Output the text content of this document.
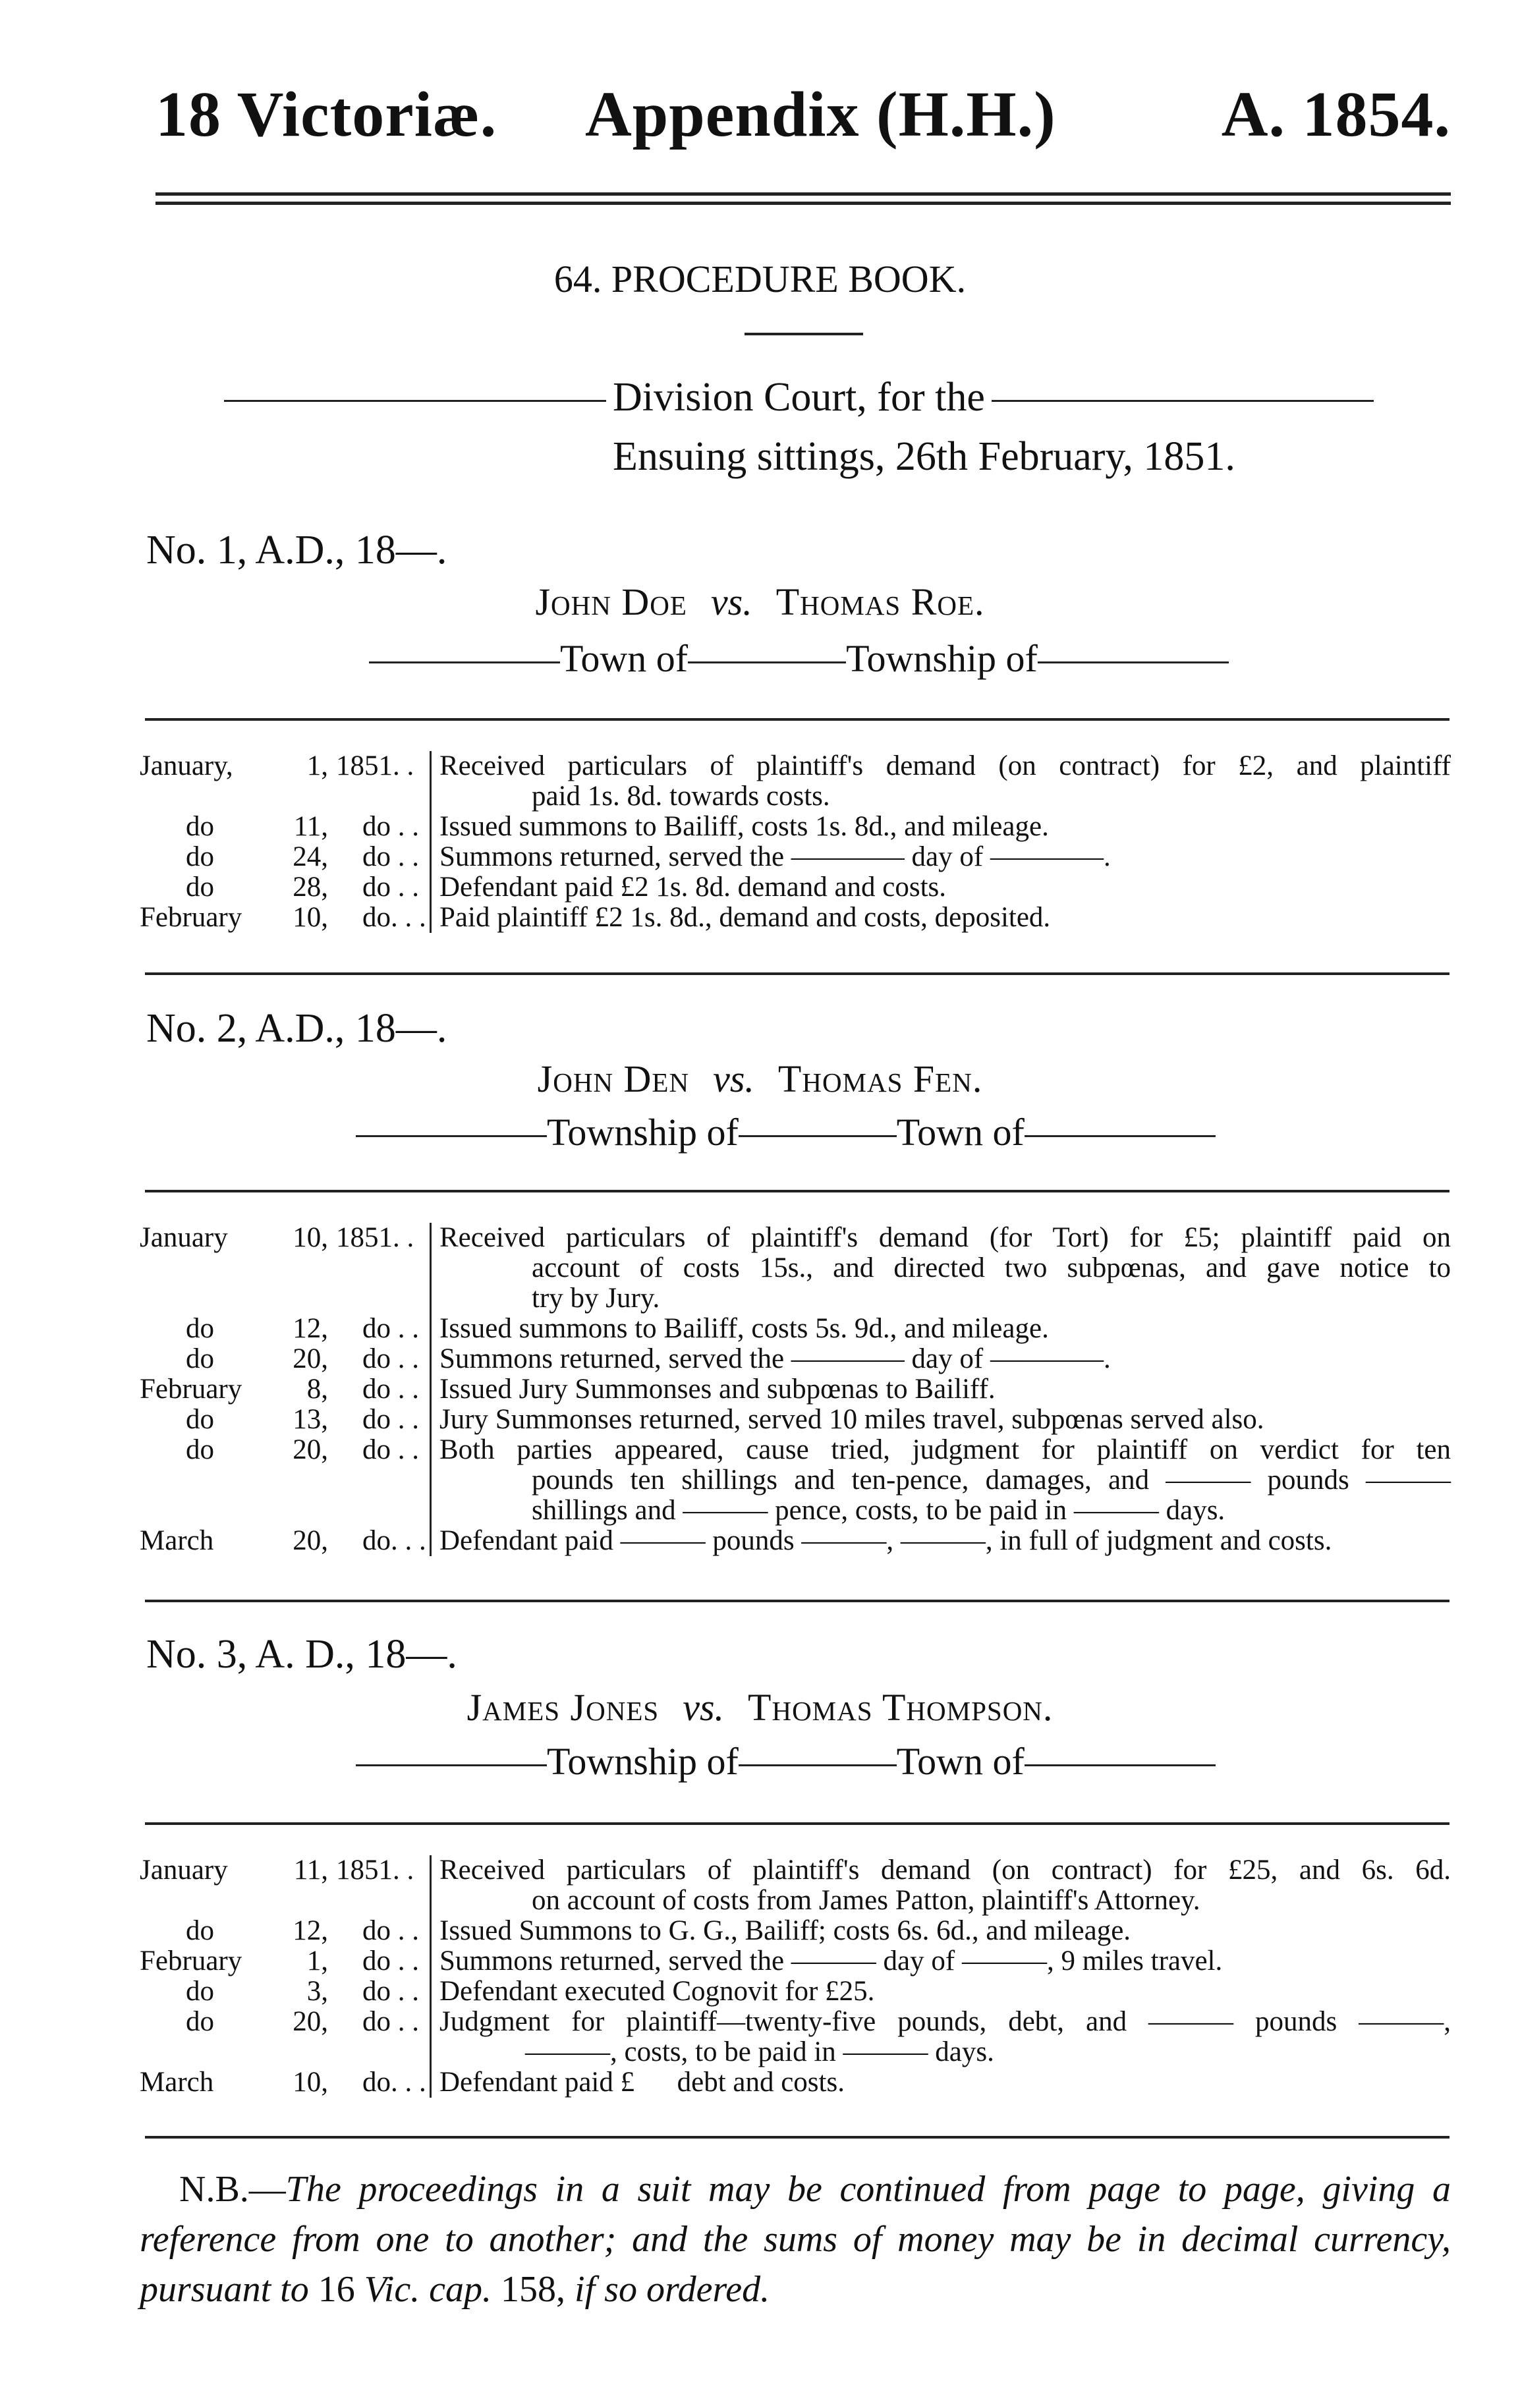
18 Victoriæ. Appendix (H.H.)	A. 1854.
64. PROCEDURE BOOK.
Division Court, for the
Ensuing sittings, 26th February, 1851.
No. 1, A.D., 18—.
John Doe vs. Thomas Roe.
Town of	Township of
January,	1,	1851. .	Received particulars of plaintiff's demand (on contract) for £2, and plaintiff
paid 1s. 8d. towards costs.

do	11,	do . .	Issued summons to Bailiff, costs 1s. 8d., and mileage.
do	24,	do . .	Summons returned, served the ———— day of ————.
do	28,	do . .	Defendant paid £2 1s. 8d. demand and costs.
February	10,	do. . .	Paid plaintiff £2 1s. 8d., demand and costs, deposited.
No. 2, A.D., 18—.
John Den vs. Thomas Fen.
Township of	Town of
January	10,	1851. .	Received particulars of plaintiff's demand (for Tort) for £5; plaintiff paid on
account of costs 15s., and directed two subpœnas, and gave notice to
try by Jury.

do	12,	do . .	Issued summons to Bailiff, costs 5s. 9d., and mileage.
do	20,	do . .	Summons returned, served the ———— day of ————.
February	8,	do . .	Issued Jury Summonses and subpœnas to Bailiff.
do	13,	do . .	Jury Summonses returned, served 10 miles travel, subpœnas served also.
do	20,	do . .	Both parties appeared, cause tried, judgment for plaintiff on verdict for ten
pounds ten shillings and ten-pence, damages, and ——— pounds ———
shillings and ——— pence, costs, to be paid in ——— days.

March	20,	do. . .	Defendant paid ——— pounds ———, ———, in full of judgment and costs.
No. 3, A. D., 18—.
James Jones vs. Thomas Thompson.
Township of	Town of
January	11,	1851. .	Received particulars of plaintiff's demand (on contract) for £25, and 6s. 6d.
on account of costs from James Patton, plaintiff's Attorney.

do	12,	do . .	Issued Summons to G. G., Bailiff; costs 6s. 6d., and mileage.
February	1,	do . .	Summons returned, served the ——— day of ———, 9 miles travel.
do	3,	do . .	Defendant executed Cognovit for £25.
do	20,	do . .	Judgment for plaintiff—twenty-five pounds, debt, and ——— pounds ———,
———, costs, to be paid in ——— days.

March	10,	do. . .	Defendant paid £      debt and costs.
N.B.—The proceedings in a suit may be continued from page to page, giving a reference from one to another; and the sums of money may be in decimal currency, pursuant to 16 Vic. cap. 158, if so ordered.
